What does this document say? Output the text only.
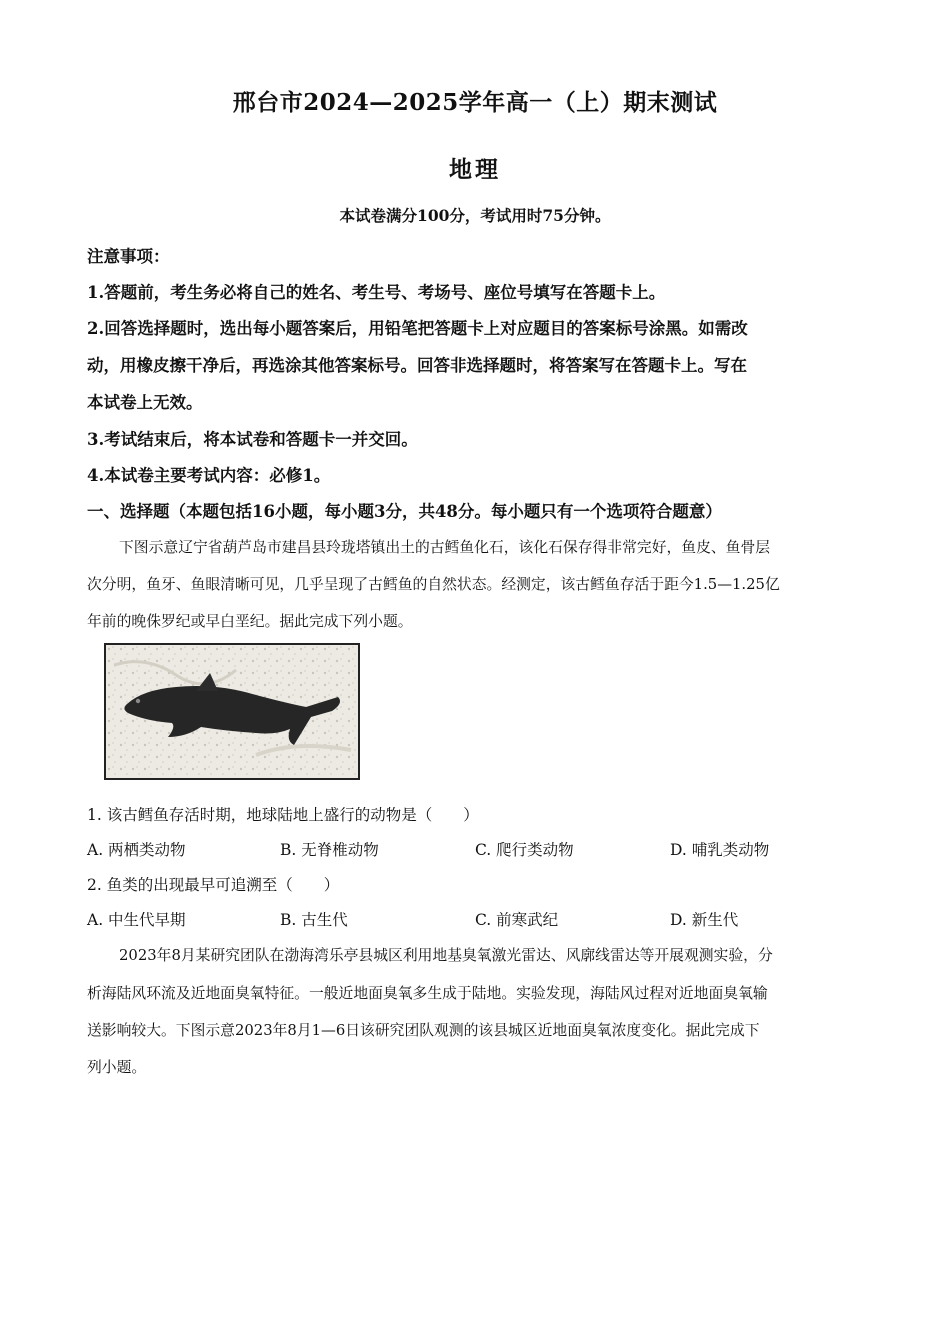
邢台市2024—2025学年高一（上）期末测试
地理
本试卷满分100分，考试用时75分钟。
注意事项：
1.答题前，考生务必将自己的姓名、考生号、考场号、座位号填写在答题卡上。
2.回答选择题时，选出每小题答案后，用铅笔把答题卡上对应题目的答案标号涂黑。如需改
动，用橡皮擦干净后，再选涂其他答案标号。回答非选择题时，将答案写在答题卡上。写在
本试卷上无效。
3.考试结束后，将本试卷和答题卡一并交回。
4.本试卷主要考试内容：必修1。
一、选择题（本题包括16小题，每小题3分，共48分。每小题只有一个选项符合题意）
下图示意辽宁省葫芦岛市建昌县玲珑塔镇出土的古鳕鱼化石，该化石保存得非常完好，鱼皮、鱼骨层
次分明，鱼牙、鱼眼清晰可见，几乎呈现了古鳕鱼的自然状态。经测定，该古鳕鱼存活于距今1.5—1.25亿
年前的晚侏罗纪或早白垩纪。据此完成下列小题。
1. 该古鳕鱼存活时期，地球陆地上盛行的动物是（　　）
A. 两栖类动物	B. 无脊椎动物	C. 爬行类动物	D. 哺乳类动物
2. 鱼类的出现最早可追溯至（　　）
A. 中生代早期	B. 古生代	C. 前寒武纪	D. 新生代
2023年8月某研究团队在渤海湾乐亭县城区利用地基臭氧激光雷达、风廓线雷达等开展观测实验，分
析海陆风环流及近地面臭氧特征。一般近地面臭氧多生成于陆地。实验发现，海陆风过程对近地面臭氧输
送影响较大。下图示意2023年8月1—6日该研究团队观测的该县城区近地面臭氧浓度变化。据此完成下
列小题。
